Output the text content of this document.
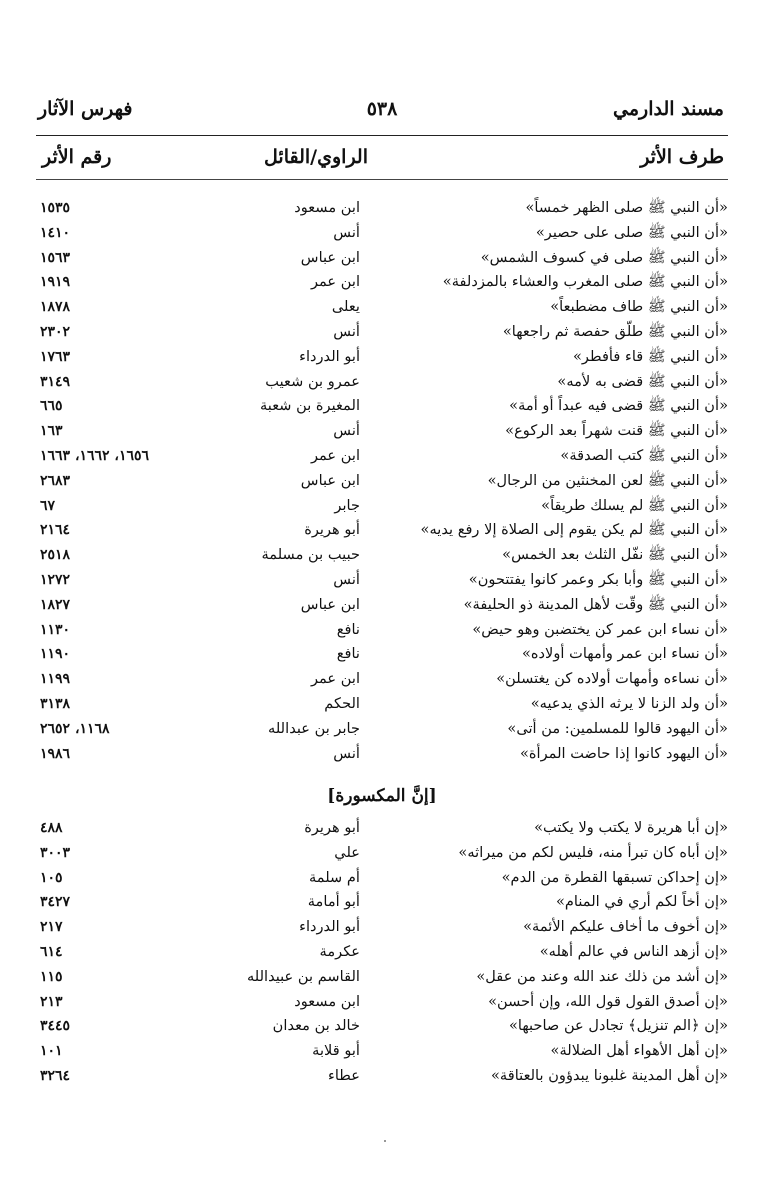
مسند الدارمي
٥٣٨
فهرس الآثار
طرف الأثر
الراوي/القائل
رقم الأثر
«أن النبي ﷺ صلى الظهر خمساً»
ابن مسعود
١٥٣٥
«أن النبي ﷺ صلى على حصير»
أنس
١٤١٠
«أن النبي ﷺ صلى في كسوف الشمس»
ابن عباس
١٥٦٣
«أن النبي ﷺ صلى المغرب والعشاء بالمزدلفة»
ابن عمر
١٩١٩
«أن النبي ﷺ طاف مضطبعاً»
يعلى
١٨٧٨
«أن النبي ﷺ طلّق حفصة ثم راجعها»
أنس
٢٣٠٢
«أن النبي ﷺ قاء فأفطر»
أبو الدرداء
١٧٦٣
«أن النبي ﷺ قضى به لأمه»
عمرو بن شعيب
٣١٤٩
«أن النبي ﷺ قضى فيه عبداً أو أمة»
المغيرة بن شعبة
٦٦٥
«أن النبي ﷺ قنت شهراً بعد الركوع»
أنس
١٦٣
«أن النبي ﷺ كتب الصدقة»
ابن عمر
١٦٥٦، ١٦٦٢، ١٦٦٣
«أن النبي ﷺ لعن المخنثين من الرجال»
ابن عباس
٢٦٨٣
«أن النبي ﷺ لم يسلك طريقاً»
جابر
٦٧
«أن النبي ﷺ لم يكن يقوم إلى الصلاة إلا رفع يديه»
أبو هريرة
٢١٦٤
«أن النبي ﷺ نفّل الثلث بعد الخمس»
حبيب بن مسلمة
٢٥١٨
«أن النبي ﷺ وأبا بكر وعمر كانوا يفتتحون»
أنس
١٢٧٢
«أن النبي ﷺ وقّت لأهل المدينة ذو الحليفة»
ابن عباس
١٨٢٧
«أن نساء ابن عمر كن يختضبن وهو حيض»
نافع
١١٣٠
«أن نساء ابن عمر وأمهات أولاده»
نافع
١١٩٠
«أن نساءه وأمهات أولاده كن يغتسلن»
ابن عمر
١١٩٩
«أن ولد الزنا لا يرثه الذي يدعيه»
الحكم
٣١٣٨
«أن اليهود قالوا للمسلمين: من أتى»
جابر بن عبدالله
١١٦٨، ٢٦٥٢
«أن اليهود كانوا إذا حاضت المرأة»
أنس
١٩٨٦
[إنَّ المكسورة]
«إن أبا هريرة لا يكتب ولا يكتب»
أبو هريرة
٤٨٨
«إن أباه كان تبرأ منه، فليس لكم من ميراثه»
علي
٣٠٠٣
«إن إحداكن تسبقها القطرة من الدم»
أم سلمة
١٠٥
«إن أخاً لكم أري في المنام»
أبو أمامة
٣٤٢٧
«إن أخوف ما أخاف عليكم الأئمة»
أبو الدرداء
٢١٧
«إن أزهد الناس في عالم أهله»
عكرمة
٦١٤
«إن أشد من ذلك عند الله وعند من عقل»
القاسم بن عبيدالله
١١٥
«إن أصدق القول قول الله، وإن أحسن»
ابن مسعود
٢١٣
«إن ﴿الم تنزيل﴾ تجادل عن صاحبها»
خالد بن معدان
٣٤٤٥
«إن أهل الأهواء أهل الضلالة»
أبو قلابة
١٠١
«إن أهل المدينة غلبونا يبدؤون بالعتاقة»
عطاء
٣٢٦٤
